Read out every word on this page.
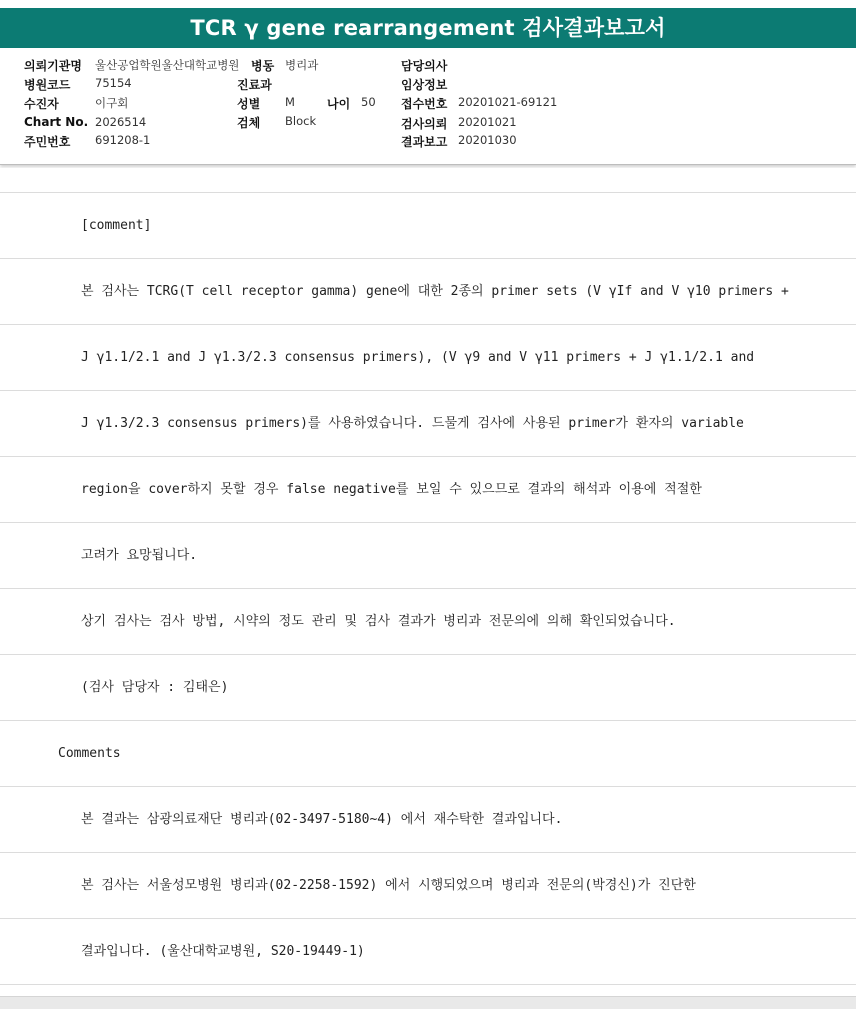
TCR γ gene rearrangement 검사결과보고서
의뢰기관명 울산공업학원울산대학교병원 병동 병리과	담당의사
병원코드 75154	진료과	임상정보
수진자	이구회	성별 M	나이 50 접수번호 20201021-69121
Chart No. 2026514	검체 Block	검사의뢰 20201021
주민번호 691208-1	결과보고 20201030
[comment]
본 검사는 TCRG(T cell receptor gamma) gene에 대한 2종의 primer sets (V γIf and V γ10 primers +
J γ1.1/2.1 and J γ1.3/2.3 consensus primers), (V γ9 and V γ11 primers + J γ1.1/2.1 and
J γ1.3/2.3 consensus primers)를 사용하였습니다. 드물게 검사에 사용된 primer가 환자의 variable
region을 cover하지 못할 경우 false negative를 보일 수 있으므로 결과의 해석과 이용에 적절한
고려가 요망됩니다.
상기 검사는 검사 방법, 시약의 정도 관리 및 검사 결과가 병리과 전문의에 의해 확인되었습니다.
(검사 담당자 : 김태은)
Comments
본 결과는 삼광의료재단 병리과(02-3497-5180~4) 에서 재수탁한 결과입니다.
본 검사는 서울성모병원 병리과(02-2258-1592) 에서 시행되었으며 병리과 전문의(박경신)가 진단한
결과입니다. (울산대학교병원, S20-19449-1)
